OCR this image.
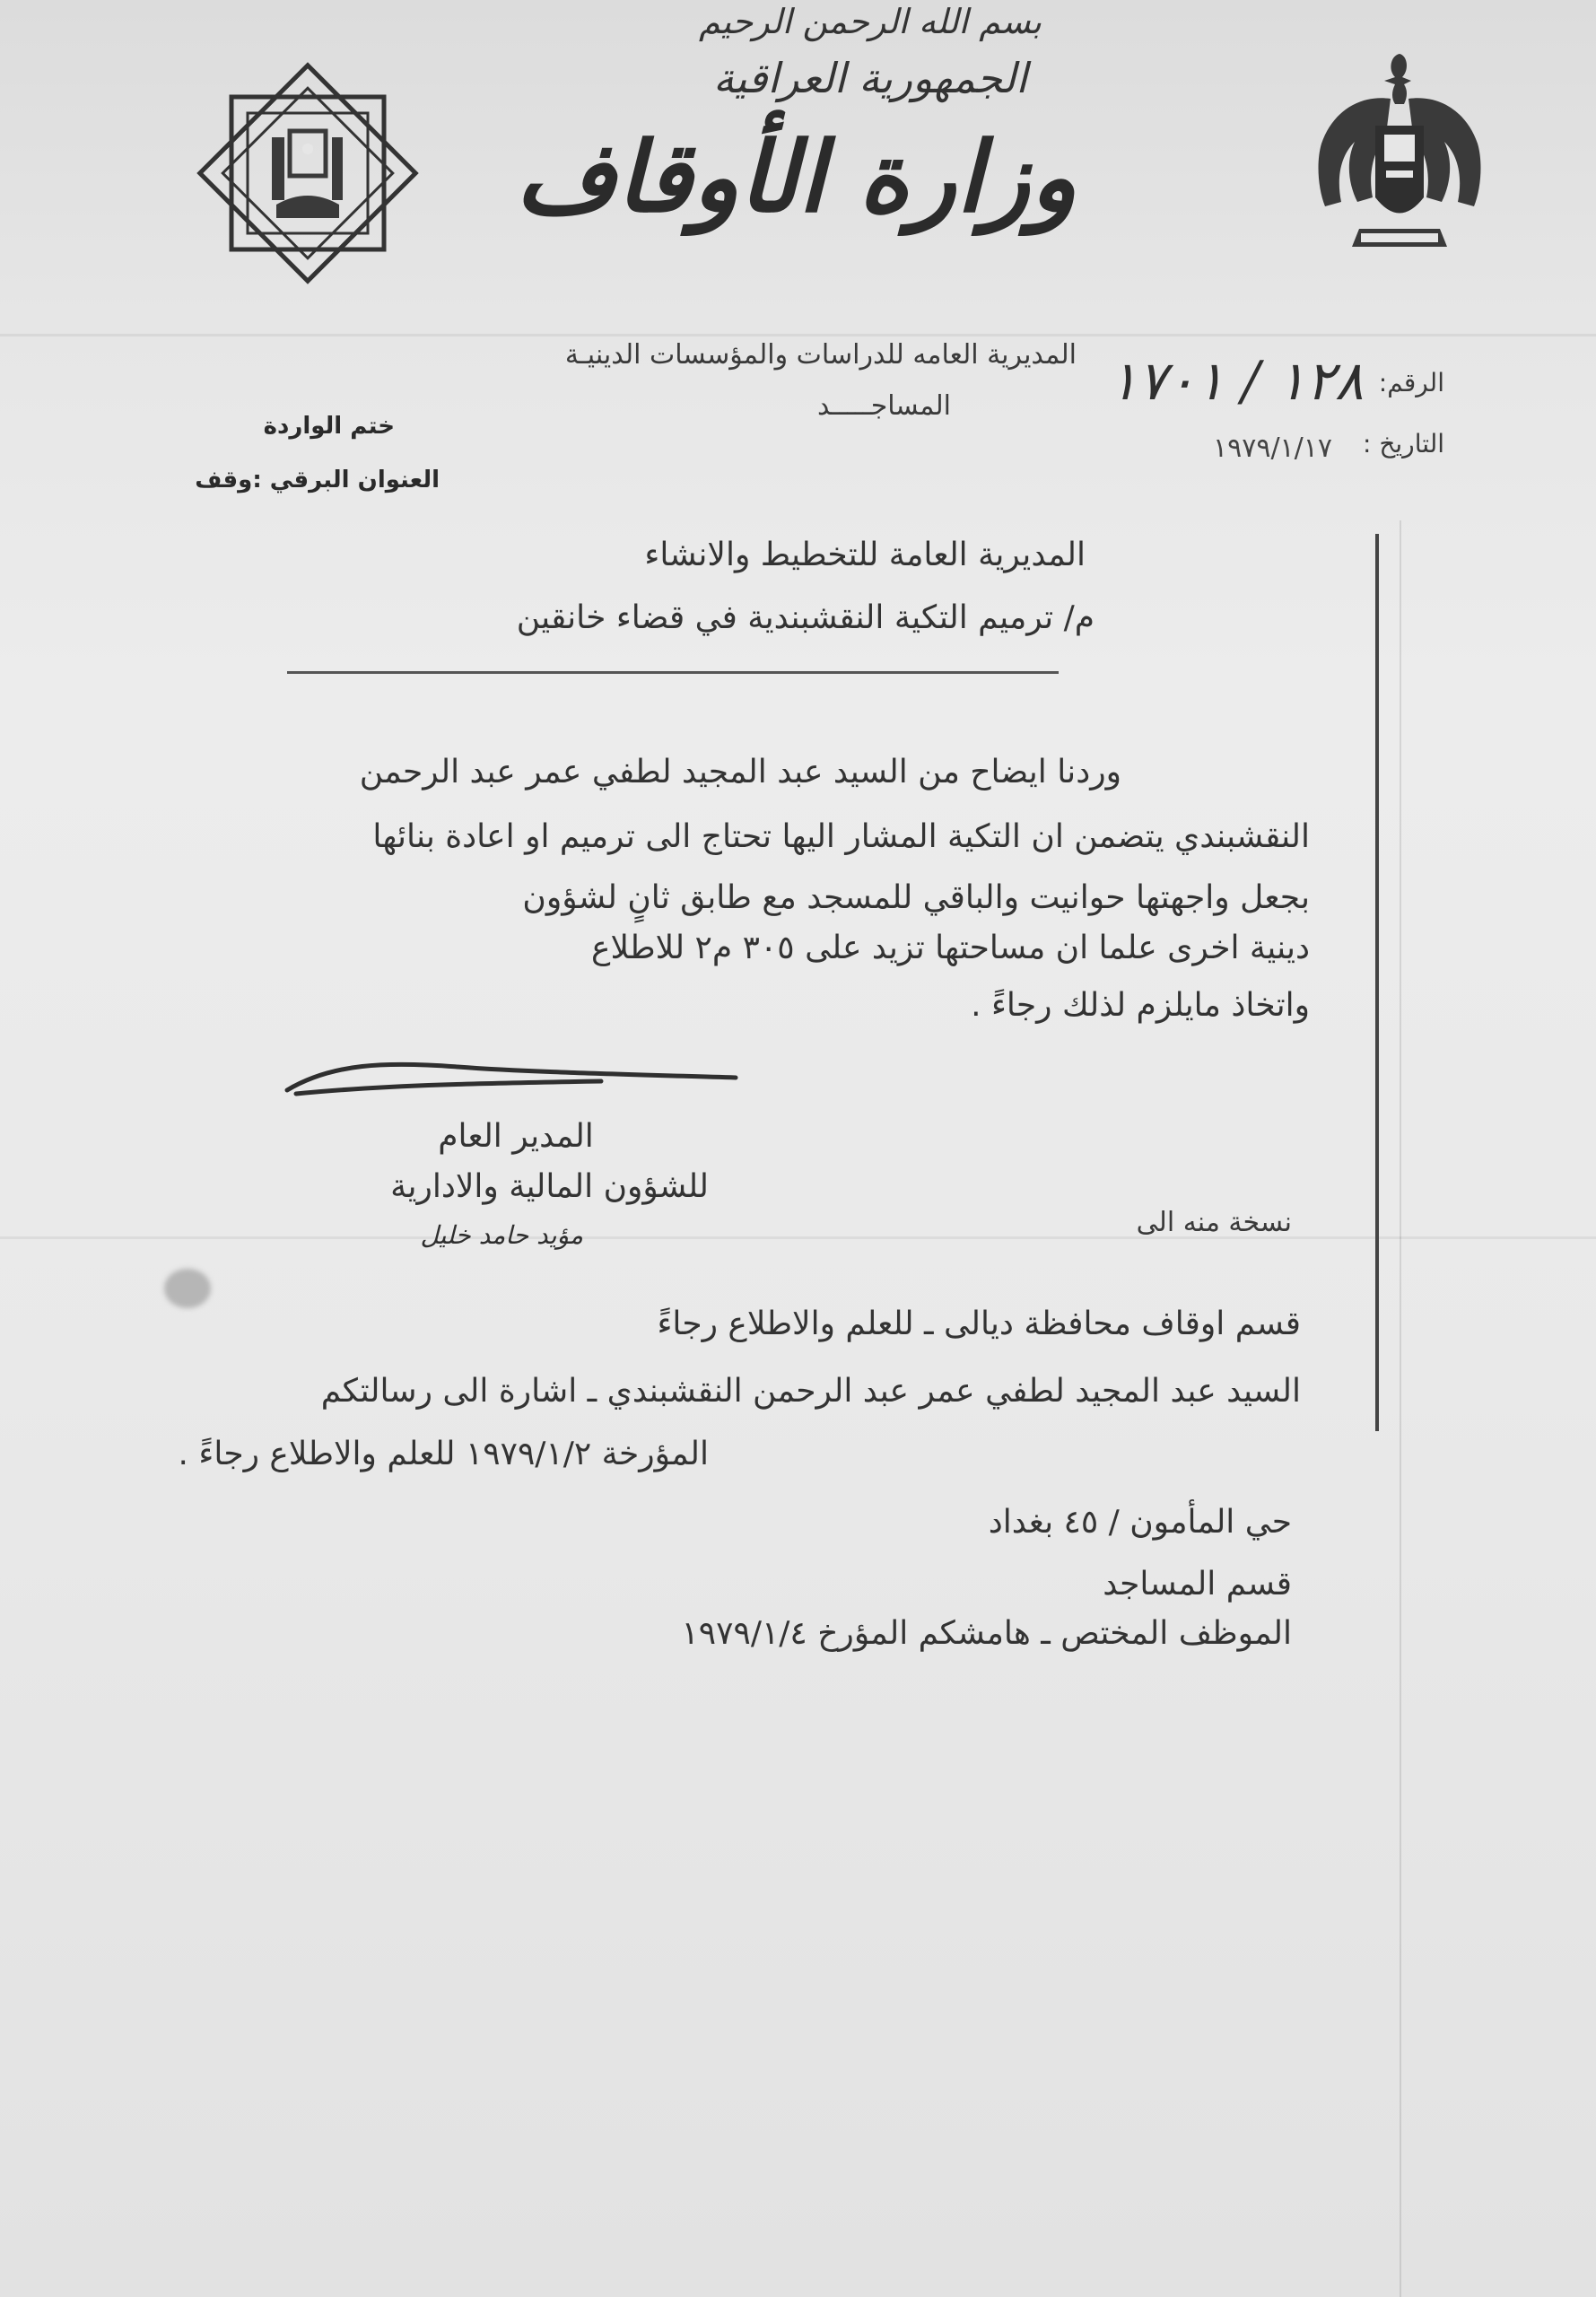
بسم الله الرحمن الرحيم
الجمهورية العراقية
وزارة الأوقاف
المديرية العامه للدراسات والمؤسسات الدينيـة
المساجـــــد
الرقم:
١٢٨ / ١٧٠١
التاريخ :
١٩٧٩/١/١٧
ختم الواردة
العنوان البرقي :وقف
المديرية العامة للتخطيط والانشاء
م/ ترميم التكية النقشبندية في قضاء خانقين
وردنا ايضاح من السيد عبد المجيد لطفي عمر عبد الرحمن
النقشبندي يتضمن ان التكية المشار اليها تحتاج الى ترميم او اعادة بنائها
بجعل واجهتها حوانيت والباقي للمسجد مع طابق ثانٍ لشؤون
دينية اخرى علما ان مساحتها تزيد على ٣٠٥ م٢ للاطلاع
واتخاذ مايلزم لذلك رجاءً .
المدير العام
للشؤون المالية والادارية
مؤيد حامد خليل	نسخة منه الى
قسم اوقاف محافظة ديالى ـ للعلم والاطلاع رجاءً
السيد عبد المجيد لطفي عمر عبد الرحمن النقشبندي ـ اشارة الى رسالتكم
المؤرخة ١٩٧٩/١/٢ للعلم والاطلاع رجاءً .
حي المأمون / ٤٥ بغداد
قسم المساجد
الموظف المختص ـ هامشكم المؤرخ ١٩٧٩/١/٤
